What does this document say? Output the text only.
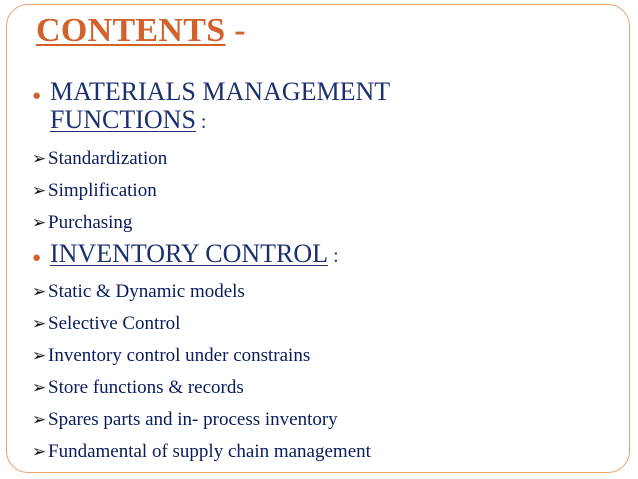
CONTENTS -
● MATERIALS MANAGEMENT
FUNCTIONS :
➢ Standardization
➢ Simplification
➢ Purchasing
● INVENTORY CONTROL :
➢ Static & Dynamic models
➢ Selective Control
➢ Inventory control under constrains
➢ Store functions & records
➢ Spares parts and in- process inventory
➢ Fundamental of supply chain management
